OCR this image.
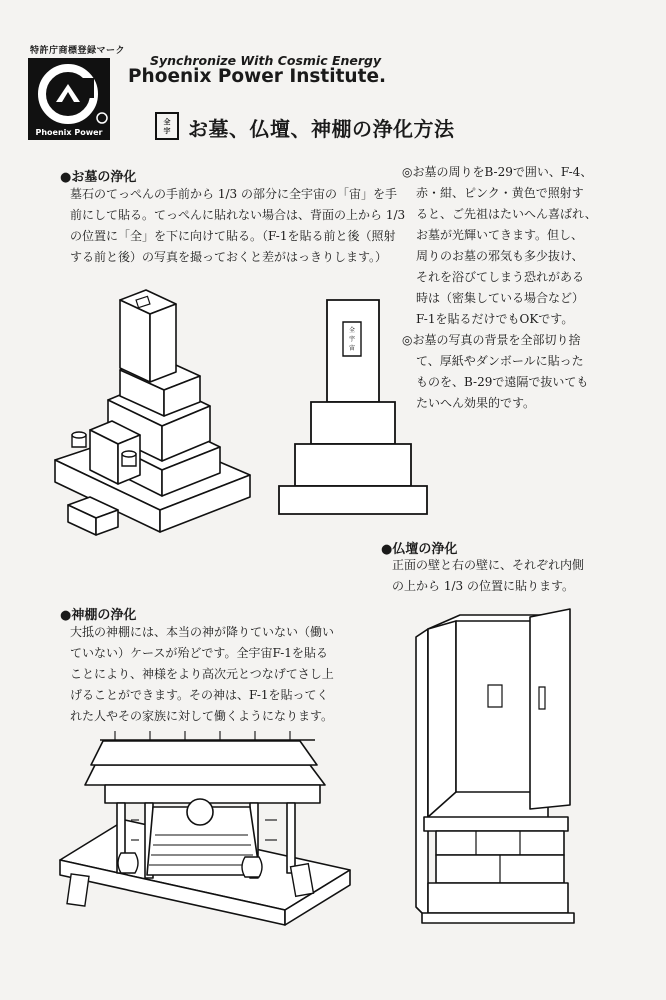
特許庁商標登録マーク
Phoenix Power
Synchronize With Cosmic Energy
Phoenix Power Institute.
全
宇 お墓、仏壇、神棚の浄化方法
●お墓の浄化
墓石のてっぺんの手前から 1/3 の部分に全宇宙の「宙」を手
前にして貼る。てっぺんに貼れない場合は、背面の上から 1/3
の位置に「全」を下に向けて貼る。（F-1を貼る前と後（照射
する前と後）の写真を撮っておくと差がはっきりします。）
◎お墓の周りをB-29で囲い、F-4、
赤・紺、ピンク・黄色で照射す
ると、ご先祖はたいへん喜ばれ、
お墓が光輝いてきます。但し、
周りのお墓の邪気も多少抜け、
それを浴びてしまう恐れがある
時は（密集している場合など）
F-1を貼るだけでもOKです。
◎お墓の写真の背景を全部切り捨
て、厚紙やダンボールに貼った
ものを、B-29で遠隔で抜いても
たいへん効果的です。
全
宇
宙
●仏壇の浄化
正面の壁と右の壁に、それぞれ内側
の上から 1/3 の位置に貼ります。
●神棚の浄化
大抵の神棚には、本当の神が降りていない（働い
ていない）ケースが殆どです。全宇宙F-1を貼る
ことにより、神様をより高次元とつなげてさし上
げることができます。その神は、F-1を貼ってく
れた人やその家族に対して働くようになります。
